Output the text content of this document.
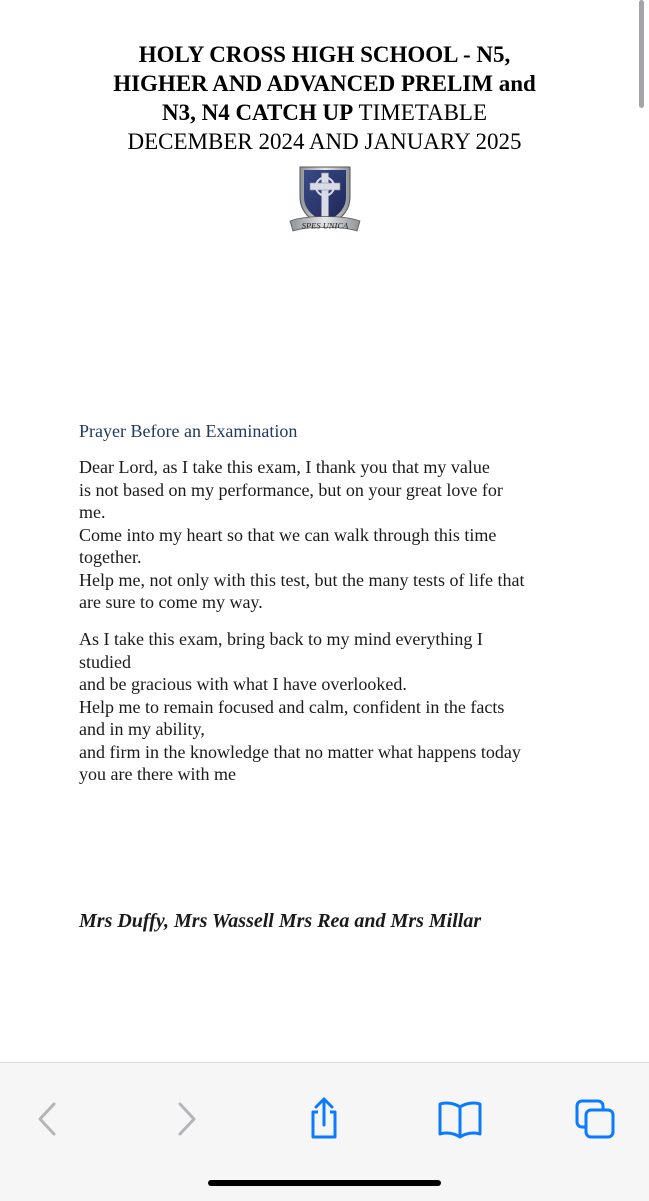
HOLY CROSS HIGH SCHOOL - N5,
HIGHER AND ADVANCED PRELIM and
N3, N4 CATCH UP TIMETABLE
DECEMBER 2024 AND JANUARY 2025
SPES UNICA
Prayer Before an Examination
Dear Lord, as I take this exam, I thank you that my value
is not based on my performance, but on your great love for
me.
Come into my heart so that we can walk through this time
together.
Help me, not only with this test, but the many tests of life that
are sure to come my way.
As I take this exam, bring back to my mind everything I
studied
and be gracious with what I have overlooked.
Help me to remain focused and calm, confident in the facts
and in my ability,
and firm in the knowledge that no matter what happens today
you are there with me
Mrs Duffy, Mrs Wassell Mrs Rea and Mrs Millar
